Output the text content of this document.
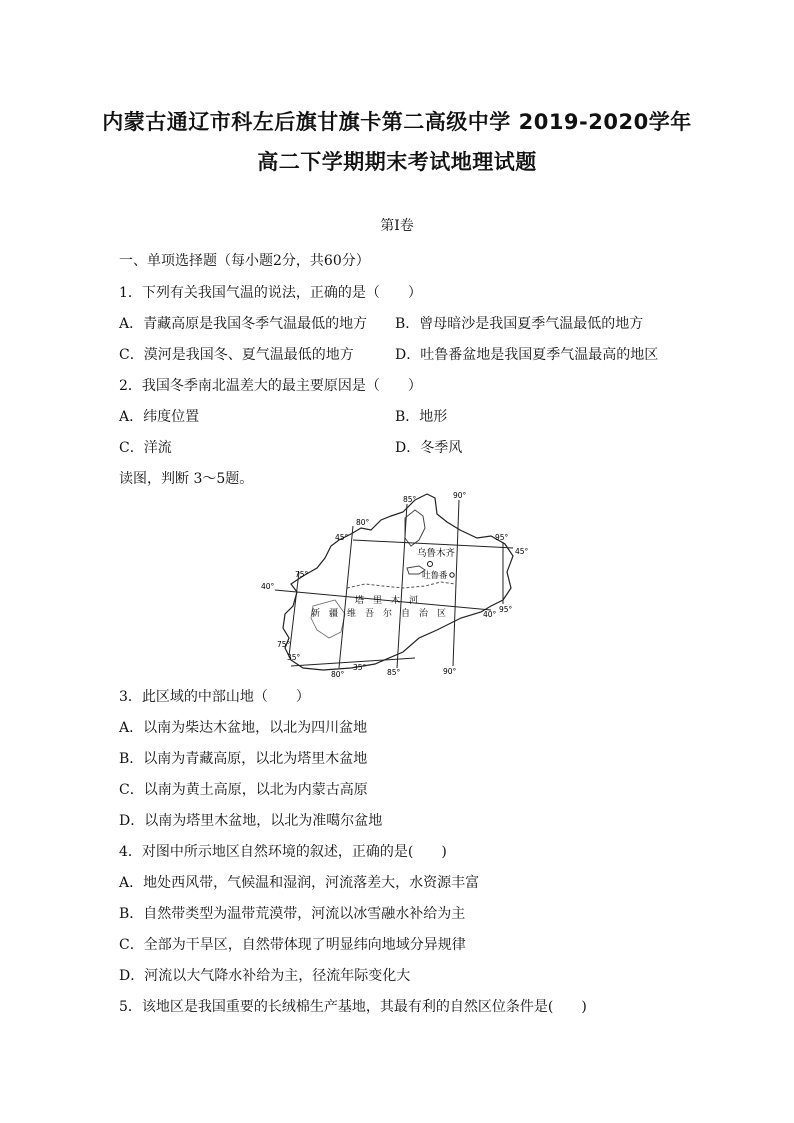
内蒙古通辽市科左后旗甘旗卡第二高级中学 2019-2020学年
高二下学期期末考试地理试题
第Ⅰ卷
一、单项选择题（每小题2分，共60分）
1．下列有关我国气温的说法，正确的是（　　）
A．青藏高原是我国冬季气温最低的地方 B．曾母暗沙是我国夏季气温最低的地方
C．漠河是我国冬、夏气温最低的地方	D．吐鲁番盆地是我国夏季气温最高的地区
2．我国冬季南北温差大的最主要原因是（　　）
A．纬度位置	B．地形
C．洋流	D．冬季风
读图，判断 3～5题。
乌鲁木齐
吐鲁番
塔　里　木　河
新　疆　维　吾　尔　自　治　区
75°
80°
85°	90°
95°
75°
80°	85°	90°
45°
45°
40°
40°
95°
35°
35°
3．此区域的中部山地（　　）
A．以南为柴达木盆地，以北为四川盆地
B．以南为青藏高原，以北为塔里木盆地
C．以南为黄土高原，以北为内蒙古高原
D．以南为塔里木盆地，以北为准噶尔盆地
4．对图中所示地区自然环境的叙述，正确的是(　　)
A．地处西风带，气候温和湿润，河流落差大，水资源丰富
B．自然带类型为温带荒漠带，河流以冰雪融水补给为主
C．全部为干旱区，自然带体现了明显纬向地域分异规律
D．河流以大气降水补给为主，径流年际变化大
5．该地区是我国重要的长绒棉生产基地，其最有利的自然区位条件是(　　)
